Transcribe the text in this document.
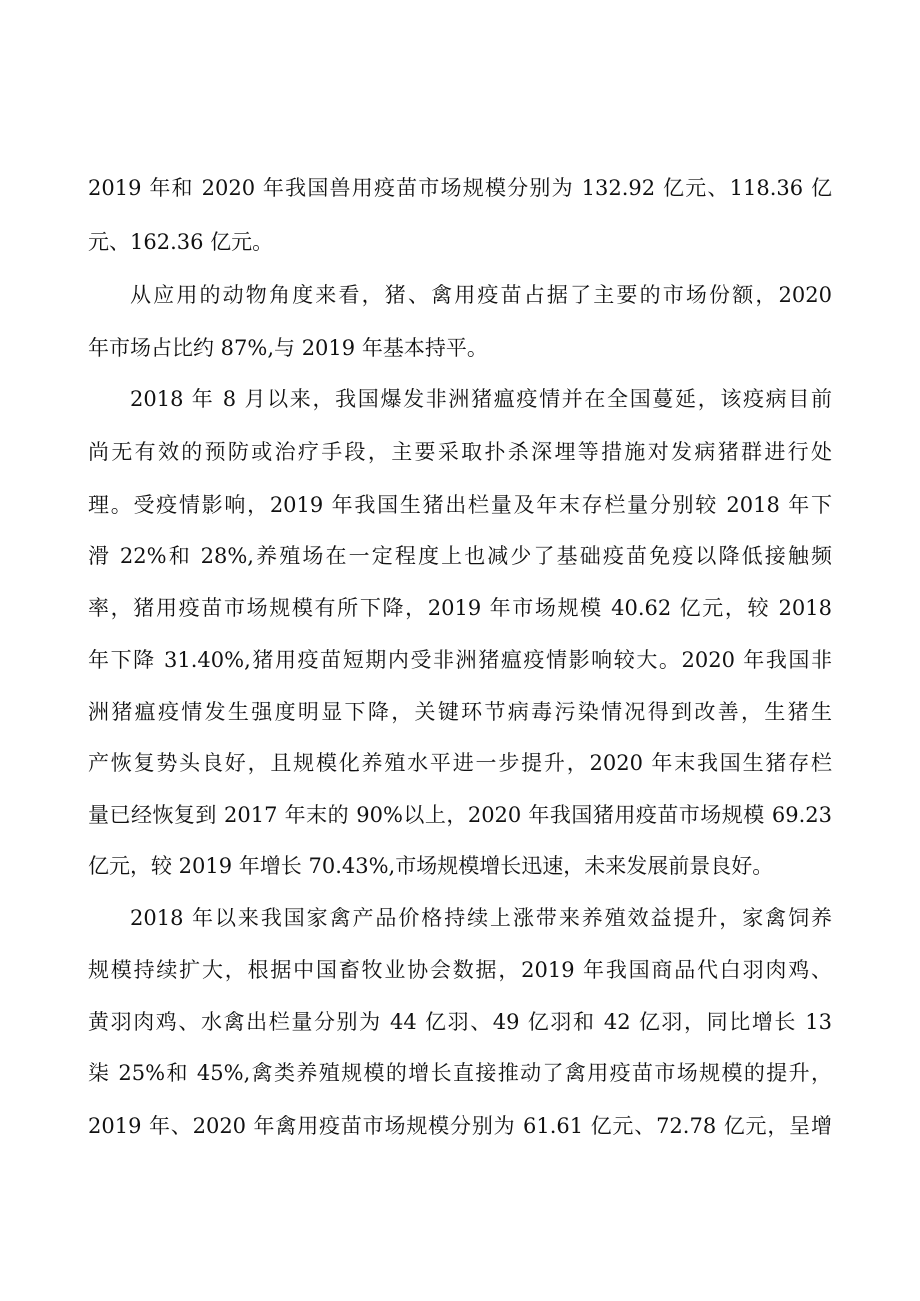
2019 年和 2020 年我国兽用疫苗市场规模分别为 132.92 亿元、118.36 亿
元、162.36 亿元。
从应用的动物角度来看，猪、禽用疫苗占据了主要的市场份额，2020
年市场占比约 87%,与 2019 年基本持平。
2018 年 8 月以来，我国爆发非洲猪瘟疫情并在全国蔓延，该疫病目前
尚无有效的预防或治疗手段，主要采取扑杀深埋等措施对发病猪群进行处
理。受疫情影响，2019 年我国生猪出栏量及年末存栏量分别较 2018 年下
滑 22%和 28%,养殖场在一定程度上也减少了基础疫苗免疫以降低接触频
率，猪用疫苗市场规模有所下降，2019 年市场规模 40.62 亿元，较 2018
年下降 31.40%,猪用疫苗短期内受非洲猪瘟疫情影响较大。2020 年我国非
洲猪瘟疫情发生强度明显下降，关键环节病毒污染情况得到改善，生猪生
产恢复势头良好，且规模化养殖水平进一步提升，2020 年末我国生猪存栏
量已经恢复到 2017 年末的 90%以上，2020 年我国猪用疫苗市场规模 69.23
亿元，较 2019 年增长 70.43%,市场规模增长迅速，未来发展前景良好。
2018 年以来我国家禽产品价格持续上涨带来养殖效益提升，家禽饲养
规模持续扩大，根据中国畜牧业协会数据，2019 年我国商品代白羽肉鸡、
黄羽肉鸡、水禽出栏量分别为 44 亿羽、49 亿羽和 42 亿羽，同比增长 13
柒 25%和 45%,禽类养殖规模的增长直接推动了禽用疫苗市场规模的提升，
2019 年、2020 年禽用疫苗市场规模分别为 61.61 亿元、72.78 亿元，呈增
